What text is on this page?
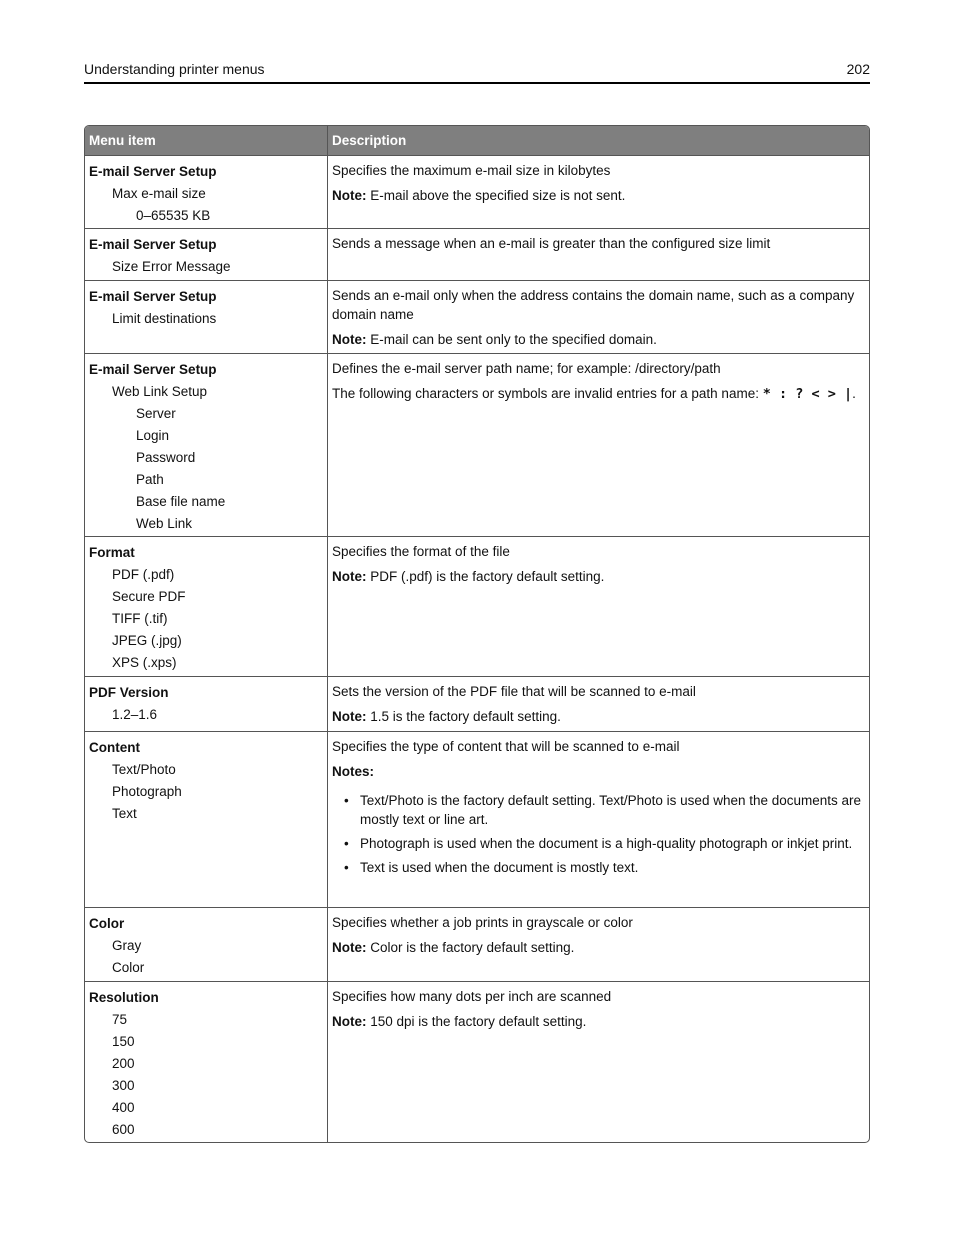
Understanding printer menus	202
Menu item	Description
E-mail Server Setup
Max e-mail size
0–65535 KB

Specifies the maximum e-mail size in kilobytes

Note: E-mail above the specified size is not sent.

E-mail Server Setup
Size Error Message

Sends a message when an e-mail is greater than the configured size limit

E-mail Server Setup
Limit destinations

Sends an e-mail only when the address contains the domain name, such as a company domain name

Note: E-mail can be sent only to the specified domain.

E-mail Server Setup
Web Link Setup
Server
Login
Password
Path
Base file name
Web Link

Defines the e-mail server path name; for example: /directory/path

The following characters or symbols are invalid entries for a path name: * : ? < > |.

Format
PDF (.pdf)
Secure PDF
TIFF (.tif)
JPEG (.jpg)
XPS (.xps)

Specifies the format of the file

Note: PDF (.pdf) is the factory default setting.

PDF Version
1.2–1.6

Sets the version of the PDF file that will be scanned to e-mail

Note: 1.5 is the factory default setting.

Content
Text/Photo
Photograph
Text

Specifies the type of content that will be scanned to e-mail

Notes:

• Text/Photo is the factory default setting. Text/Photo is used when the documents are mostly text or line art.
• Photograph is used when the document is a high-quality photograph or inkjet print.
• Text is used when the document is mostly text.
Color
Gray
Color

Specifies whether a job prints in grayscale or color

Note: Color is the factory default setting.

Resolution
75
150
200
300
400
600

Specifies how many dots per inch are scanned

Note: 150 dpi is the factory default setting.
